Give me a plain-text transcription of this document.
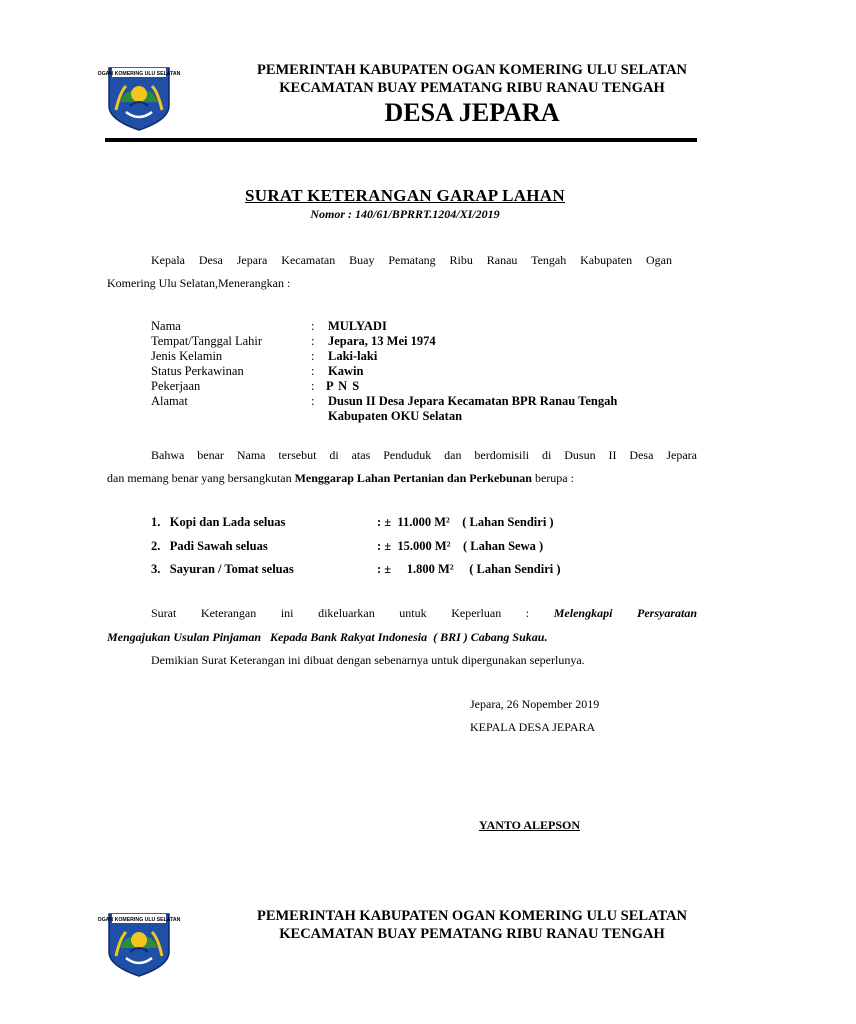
OGAN KOMERING ULU SELATAN	PEMERINTAH KABUPATEN OGAN KOMERING ULU SELATAN
KECAMATAN BUAY PEMATANG RIBU RANAU TENGAH
DESA JEPARA
SURAT KETERANGAN GARAP LAHAN
Nomor : 140/61/BPRRT.1204/XI/2019
Kepala Desa Jepara Kecamatan Buay Pematang Ribu Ranau Tengah Kabupaten Ogan
Komering Ulu Selatan,Menerangkan :
Nama	: MULYADI
Tempat/Tanggal Lahir	: Jepara, 13 Mei 1974
Jenis Kelamin	: Laki-laki
Status Perkawinan	: Kawin
Pekerjaan	: P N S
Alamat	: Dusun II Desa Jepara Kecamatan BPR Ranau Tengah
Kabupaten OKU Selatan
Bahwa benar Nama tersebut di atas Penduduk dan berdomisili di Dusun II Desa Jepara
dan memang benar yang bersangkutan Menggarap Lahan Pertanian dan Perkebunan berupa :
1.   Kopi dan Lada seluas	: ±  11.000 M²    ( Lahan Sendiri )
2.   Padi Sawah seluas	: ±  15.000 M²    ( Lahan Sewa )
3.   Sayuran / Tomat seluas	: ±     1.800 M²     ( Lahan Sendiri )
Surat Keterangan ini dikeluarkan untuk Keperluan : Melengkapi Persyaratan
Mengajukan Usulan Pinjaman   Kepada Bank Rakyat Indonesia  ( BRI ) Cabang Sukau.
Demikian Surat Keterangan ini dibuat dengan sebenarnya untuk dipergunakan seperlunya.
Jepara, 26 Nopember 2019
KEPALA DESA JEPARA
YANTO ALEPSON
OGAN KOMERING ULU SELATAN	PEMERINTAH KABUPATEN OGAN KOMERING ULU SELATAN
KECAMATAN BUAY PEMATANG RIBU RANAU TENGAH
